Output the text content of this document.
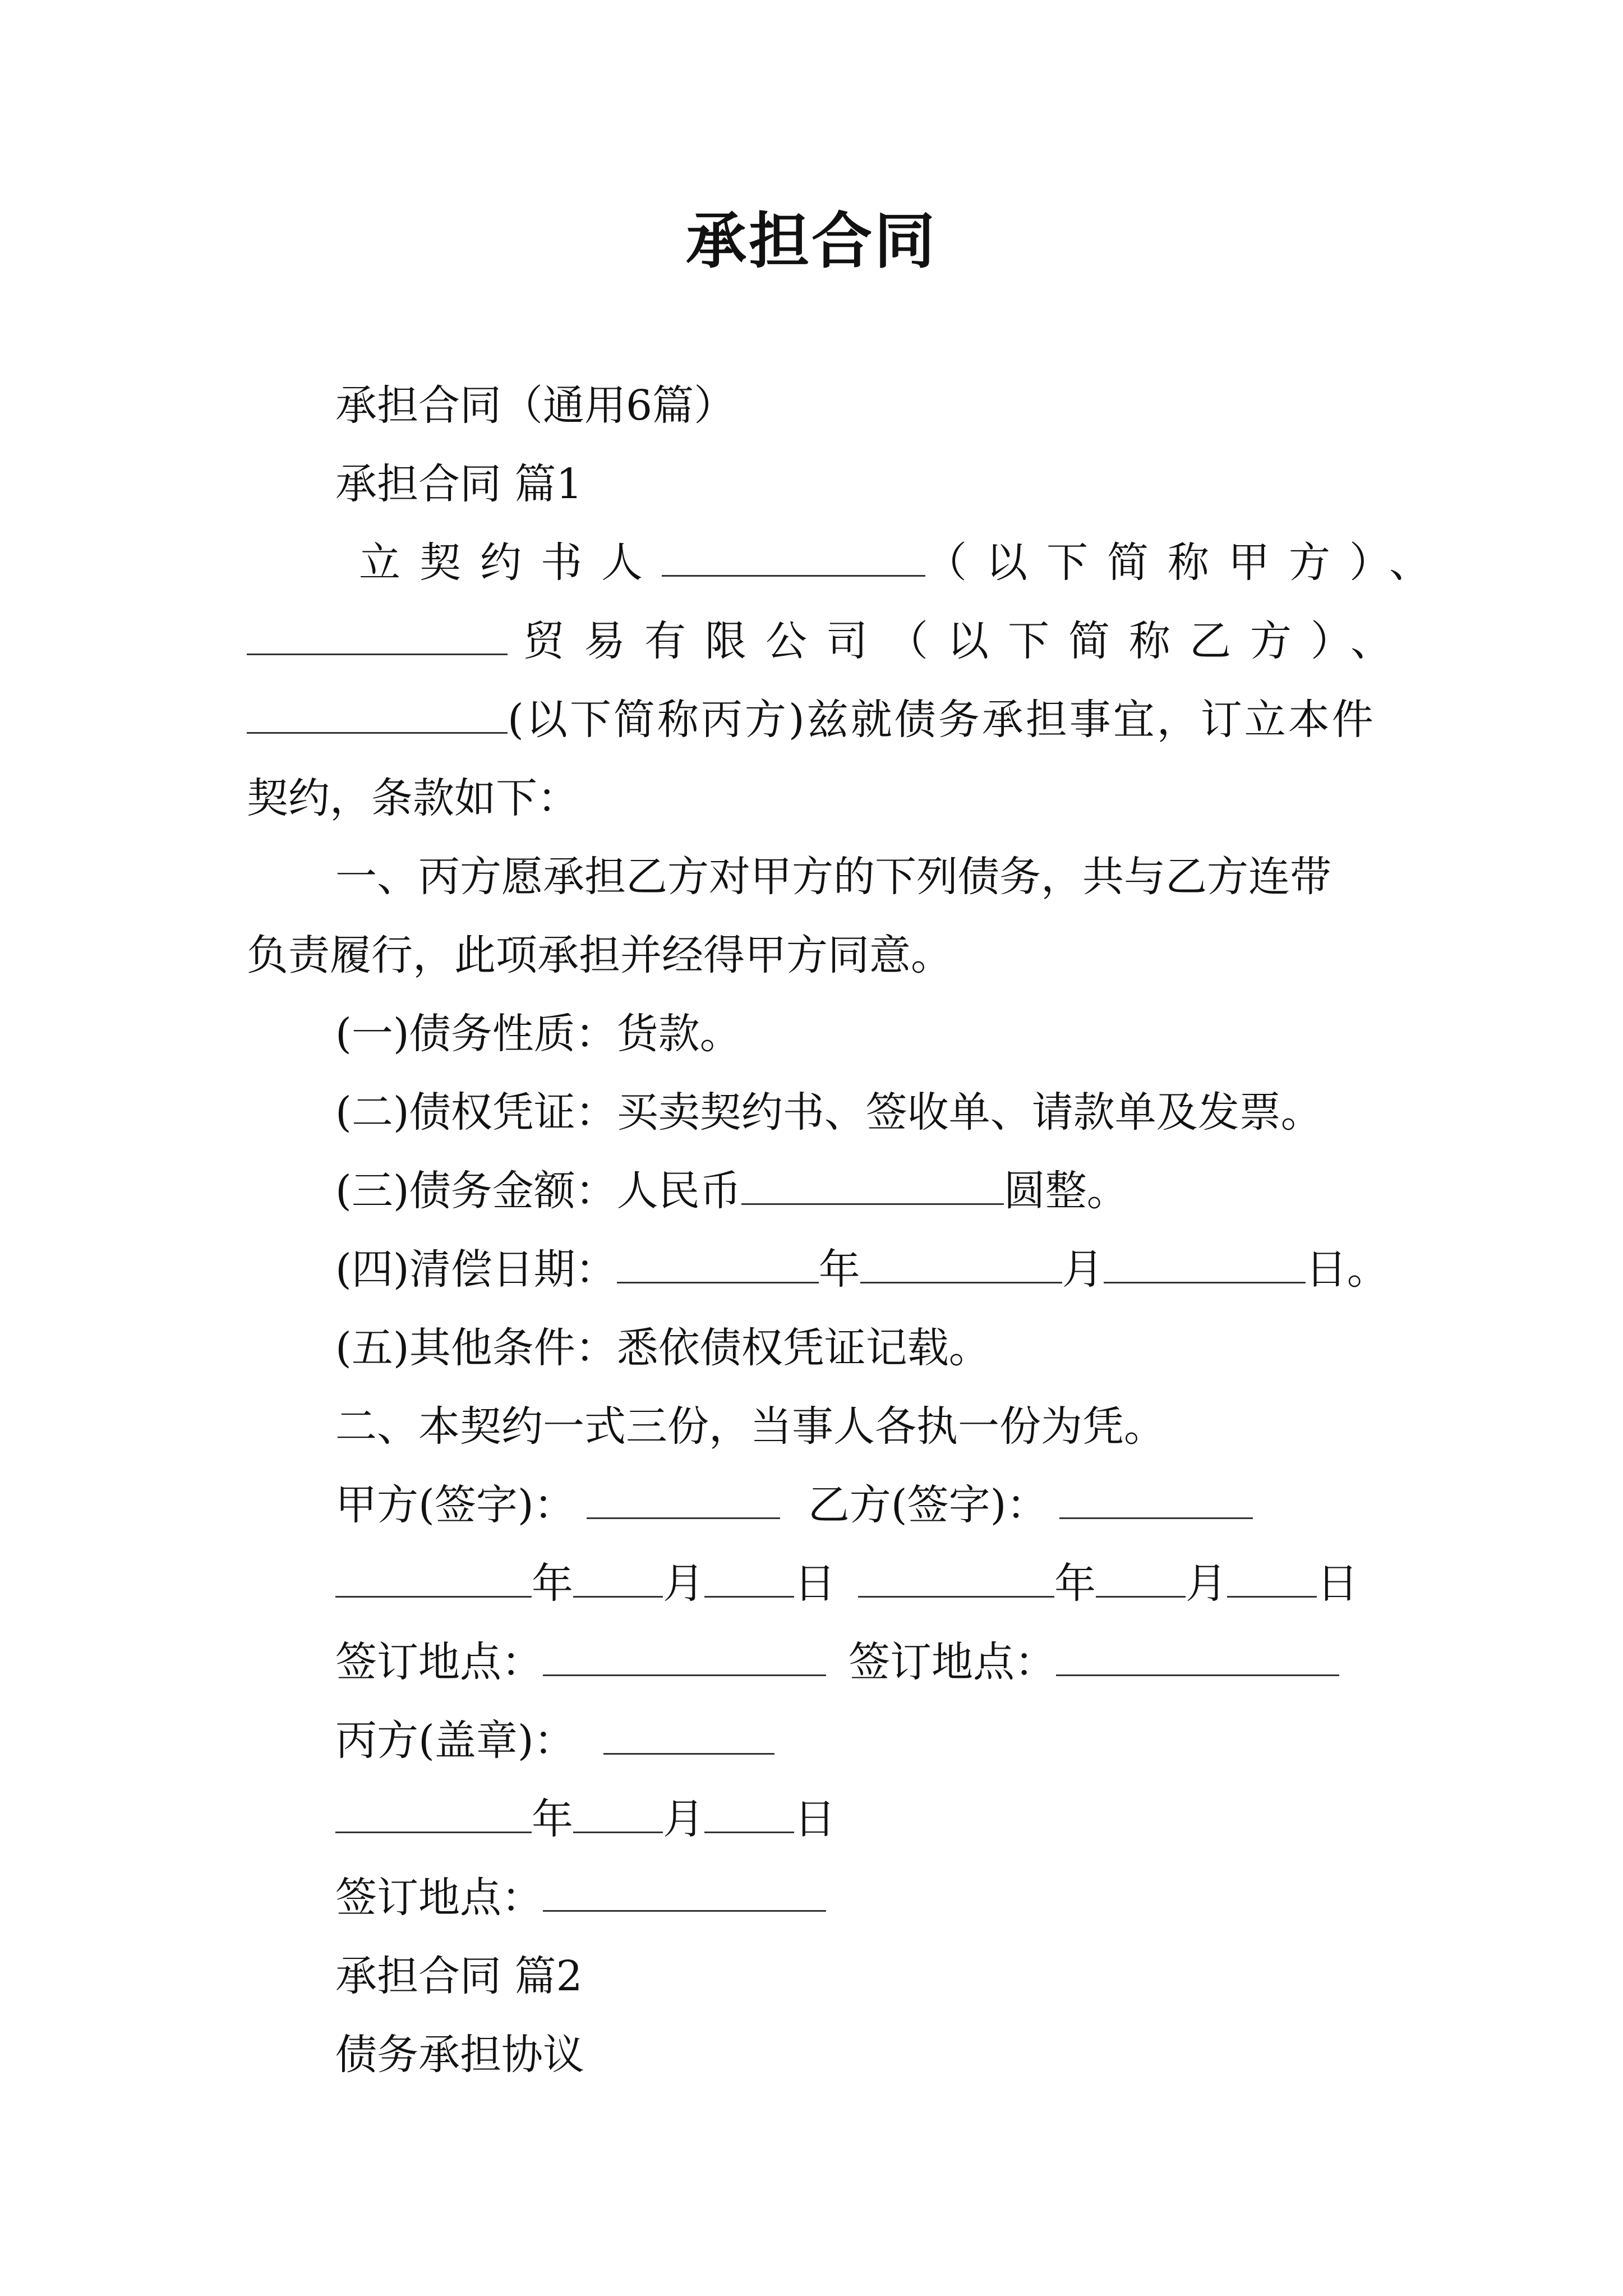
承担合同
承担合同（通用6篇）
承担合同 篇1
立契约书人	（以下简称甲方）、
贸易有限公司（以下简称乙方）、
(以下简称丙方)兹就债务承担事宜，订立本件
契约，条款如下：
一、丙方愿承担乙方对甲方的下列债务，共与乙方连带
负责履行，此项承担并经得甲方同意。
(一)债务性质：货款。
(二)债权凭证：买卖契约书、签收单、请款单及发票。
(三)债务金额：人民币	圆整。
(四)清偿日期：	年	月	日。
(五)其他条件：悉依债权凭证记载。
二、本契约一式三份，当事人各执一份为凭。
甲方(签字)：	乙方(签字)：
年 月 日	年 月 日
签订地点：	签订地点：
丙方(盖章)：
年 月 日
签订地点：
承担合同 篇2
债务承担协议
